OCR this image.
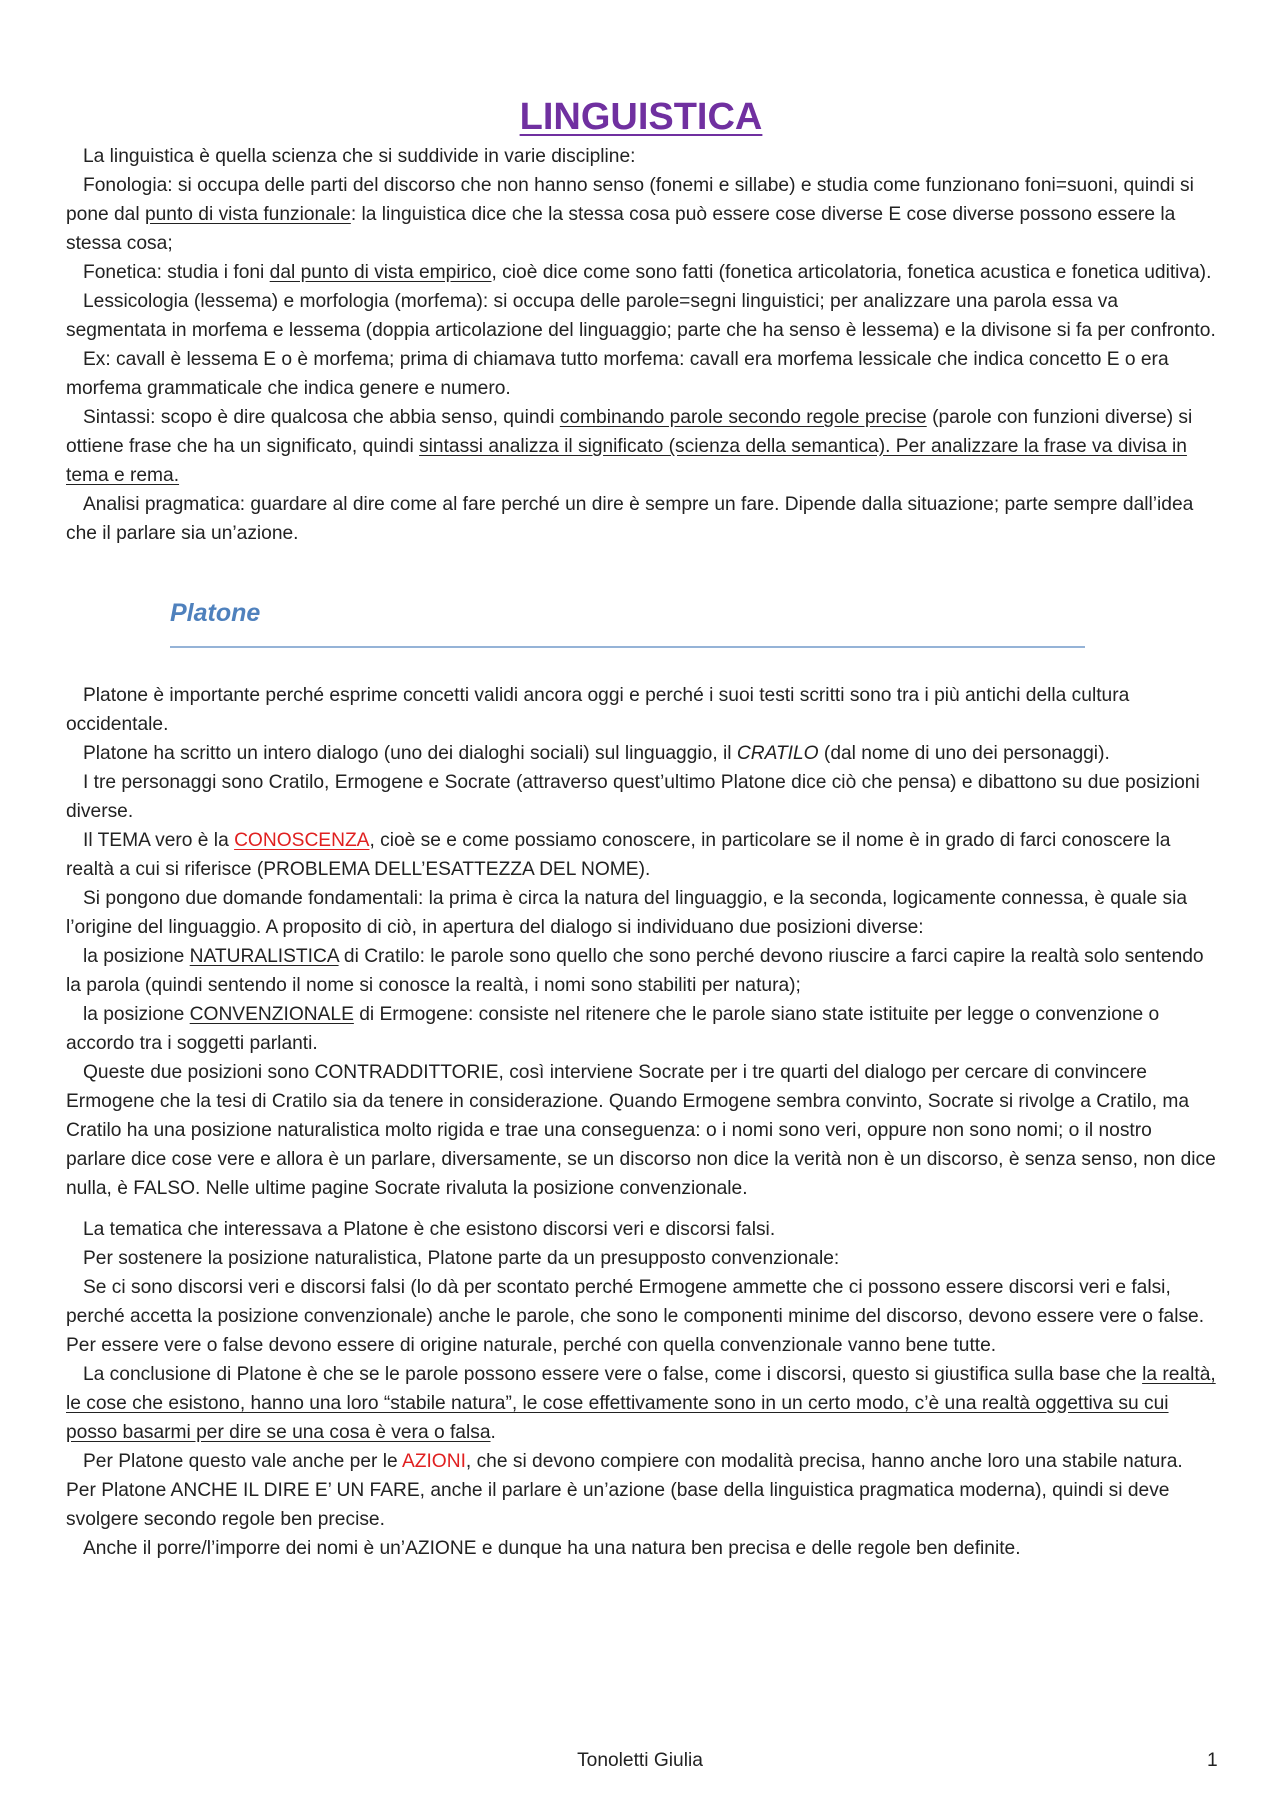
LINGUISTICA

La linguistica è quella scienza che si suddivide in varie discipline:

Fonologia: si occupa delle parti del discorso che non hanno senso (fonemi e sillabe) e studia come funzionano foni=suoni, quindi si pone dal punto di vista funzionale: la linguistica dice che la stessa cosa può essere cose diverse E cose diverse possono essere la stessa cosa;

Fonetica: studia i foni dal punto di vista empirico, cioè dice come sono fatti (fonetica articolatoria, fonetica acustica e fonetica uditiva).

Lessicologia (lessema) e morfologia (morfema): si occupa delle parole=segni linguistici; per analizzare una parola essa va segmentata in morfema e lessema (doppia articolazione del linguaggio; parte che ha senso è lessema) e la divisone si fa per confronto.

Ex: cavall è lessema E o è morfema; prima di chiamava tutto morfema: cavall era morfema lessicale che indica concetto E o era morfema grammaticale che indica genere e numero.

Sintassi: scopo è dire qualcosa che abbia senso, quindi combinando parole secondo regole precise (parole con funzioni diverse) si ottiene frase che ha un significato, quindi sintassi analizza il significato (scienza della semantica). Per analizzare la frase va divisa in tema e rema.

Analisi pragmatica: guardare al dire come al fare perché un dire è sempre un fare. Dipende dalla situazione; parte sempre dall’idea che il parlare sia un’azione.

Platone

Platone è importante perché esprime concetti validi ancora oggi e perché i suoi testi scritti sono tra i più antichi della cultura occidentale.

Platone ha scritto un intero dialogo (uno dei dialoghi sociali) sul linguaggio, il CRATILO (dal nome di uno dei personaggi).

I tre personaggi sono Cratilo, Ermogene e Socrate (attraverso quest’ultimo Platone dice ciò che pensa) e dibattono su due posizioni diverse.

Il TEMA vero è la CONOSCENZA, cioè se e come possiamo conoscere, in particolare se il nome è in grado di farci conoscere la realtà a cui si riferisce (PROBLEMA DELL’ESATTEZZA DEL NOME).

Si pongono due domande fondamentali: la prima è circa la natura del linguaggio, e la seconda, logicamente connessa, è quale sia l’origine del linguaggio. A proposito di ciò, in apertura del dialogo si individuano due posizioni diverse:

la posizione NATURALISTICA di Cratilo: le parole sono quello che sono perché devono riuscire a farci capire la realtà solo sentendo la parola (quindi sentendo il nome si conosce la realtà, i nomi sono stabiliti per natura);

la posizione CONVENZIONALE di Ermogene: consiste nel ritenere che le parole siano state istituite per legge o convenzione o accordo tra i soggetti parlanti.

Queste due posizioni sono CONTRADDITTORIE, così interviene Socrate per i tre quarti del dialogo per cercare di convincere Ermogene che la tesi di Cratilo sia da tenere in considerazione. Quando Ermogene sembra convinto, Socrate si rivolge a Cratilo, ma Cratilo ha una posizione naturalistica molto rigida e trae una conseguenza: o i nomi sono veri, oppure non sono nomi; o il nostro parlare dice cose vere e allora è un parlare, diversamente, se un discorso non dice la verità non è un discorso, è senza senso, non dice nulla, è FALSO. Nelle ultime pagine Socrate rivaluta la posizione convenzionale.

La tematica che interessava a Platone è che esistono discorsi veri e discorsi falsi.

Per sostenere la posizione naturalistica, Platone parte da un presupposto convenzionale:

Se ci sono discorsi veri e discorsi falsi (lo dà per scontato perché Ermogene ammette che ci possono essere discorsi veri e falsi, perché accetta la posizione convenzionale) anche le parole, che sono le componenti minime del discorso, devono essere vere o false. Per essere vere o false devono essere di origine naturale, perché con quella convenzionale vanno bene tutte.

La conclusione di Platone è che se le parole possono essere vere o false, come i discorsi, questo si giustifica sulla base che la realtà, le cose che esistono, hanno una loro “stabile natura”, le cose effettivamente sono in un certo modo, c’è una realtà oggettiva su cui posso basarmi per dire se una cosa è vera o falsa.

Per Platone questo vale anche per le AZIONI, che si devono compiere con modalità precisa, hanno anche loro una stabile natura. Per Platone ANCHE IL DIRE E’ UN FARE, anche il parlare è un’azione (base della linguistica pragmatica moderna), quindi si deve svolgere secondo regole ben precise.

Anche il porre/l’imporre dei nomi è un’AZIONE e dunque ha una natura ben precisa e delle regole ben definite.

Tonoletti Giulia	1
